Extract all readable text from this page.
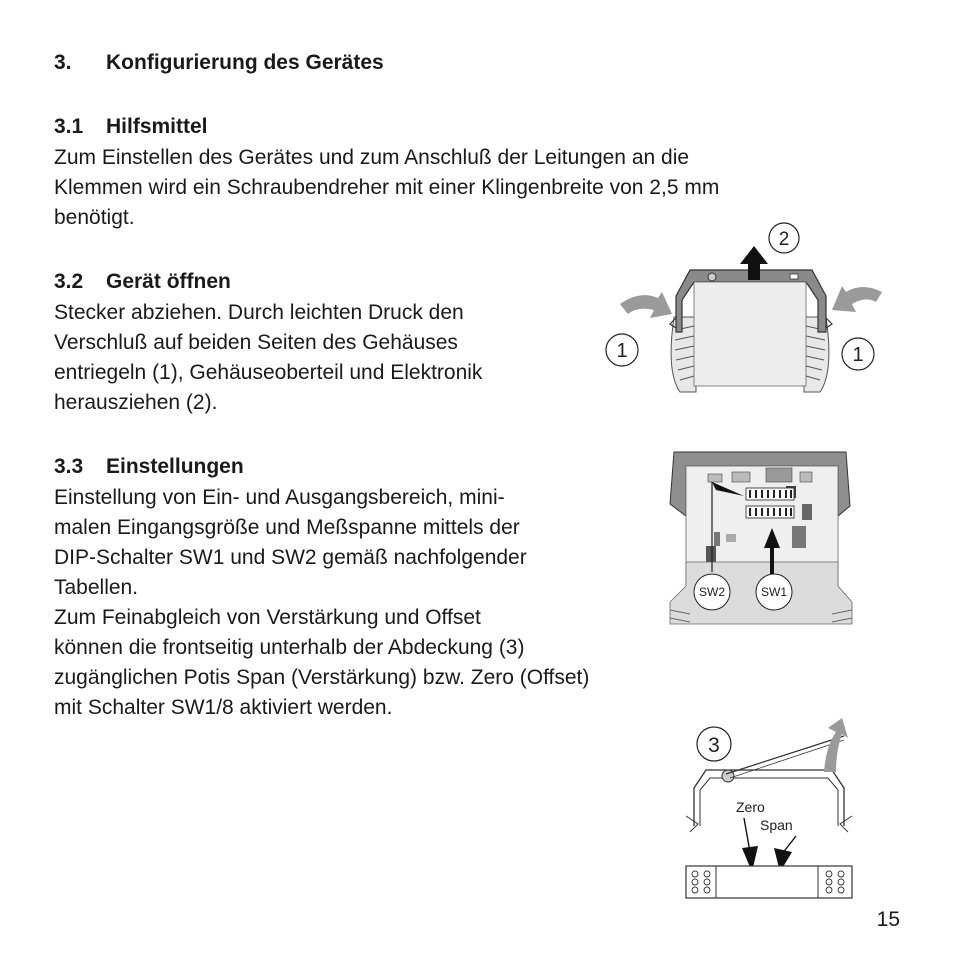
3. Konfigurierung des Gerätes
3.1 Hilfsmittel
Zum Einstellen des Gerätes und zum Anschluß der Leitungen an die
Klemmen wird ein Schraubendreher mit einer Klingenbreite von 2,5 mm
benötigt.
3.2 Gerät öffnen
Stecker abziehen. Durch leichten Druck den
Verschluß auf beiden Seiten des Gehäuses
entriegeln (1), Gehäuseoberteil und Elektronik
herausziehen (2).
3.3 Einstellungen
Einstellung von Ein- und Ausgangsbereich, mini-
malen Eingangsgröße und Meßspanne mittels der
DIP-Schalter SW1 und SW2 gemäß nachfolgender
Tabellen.
Zum Feinabgleich von Verstärkung und Offset
können die frontseitig unterhalb der Abdeckung (3)
zugänglichen Potis Span (Verstärkung) bzw. Zero (Offset)
mit Schalter SW1/8 aktiviert werden.
1	1
2
SW2	SW1
3
Zero
Span
15
